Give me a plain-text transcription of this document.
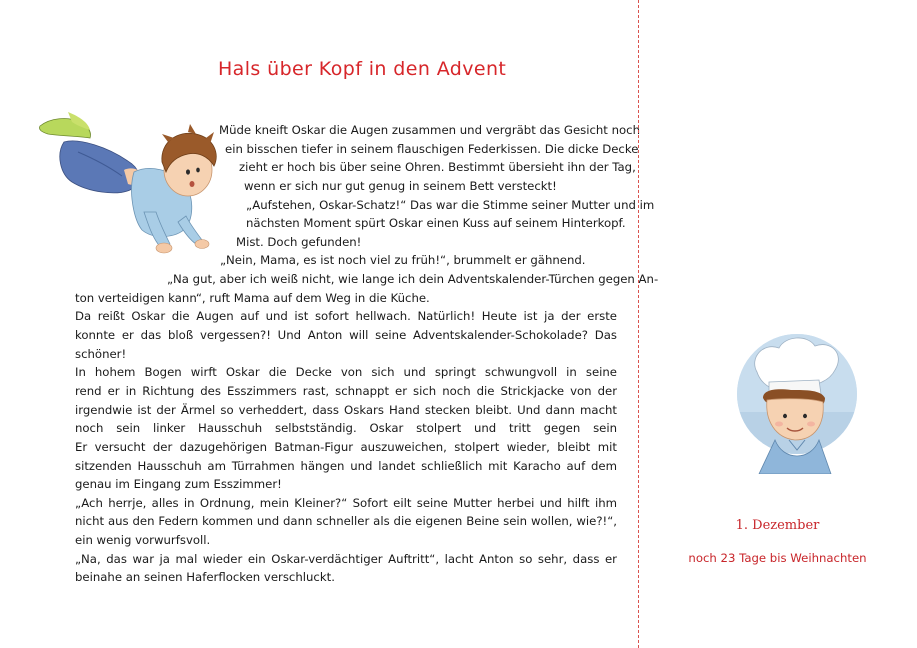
Hals über Kopf in den Advent
Müde kneift Oskar die Augen zusammen und vergräbt das Gesicht noch
ein bisschen tiefer in seinem flauschigen Federkissen. Die dicke Decke
zieht er hoch bis über seine Ohren. Bestimmt übersieht ihn der Tag,
wenn er sich nur gut genug in seinem Bett versteckt!
„Aufstehen, Oskar-Schatz!“ Das war die Stimme seiner Mutter und im
nächsten Moment spürt Oskar einen Kuss auf seinem Hinterkopf.
Mist. Doch gefunden!
„Nein, Mama, es ist noch viel zu früh!“, brummelt er gähnend.
„Na gut, aber ich weiß nicht, wie lange ich dein Adventskalender-Türchen gegen An-
ton verteidigen kann“, ruft Mama auf dem Weg in die Küche.
Da reißt Oskar die Augen auf und ist sofort hellwach. Natürlich! Heute ist ja der erste
konnte er das bloß vergessen?! Und Anton will seine Adventskalender-Schokolade? Das
schöner!
In hohem Bogen wirft Oskar die Decke von sich und springt schwungvoll in seine
rend er in Richtung des Esszimmers rast, schnappt er sich noch die Strickjacke von der
irgendwie ist der Ärmel so verheddert, dass Oskars Hand stecken bleibt. Und dann macht
noch sein linker Hausschuh selbstständig. Oskar stolpert und tritt gegen sein
Er versucht der dazugehörigen Batman-Figur auszuweichen, stolpert wieder, bleibt mit
sitzenden Hausschuh am Türrahmen hängen und landet schließlich mit Karacho auf dem
genau im Eingang zum Esszimmer!
„Ach herrje, alles in Ordnung, mein Kleiner?“ Sofort eilt seine Mutter herbei und hilft ihm
nicht aus den Federn kommen und dann schneller als die eigenen Beine sein wollen, wie?!“,
ein wenig vorwurfsvoll.
„Na, das war ja mal wieder ein Oskar-verdächtiger Auftritt“, lacht Anton so sehr, dass er
beinahe an seinen Haferflocken verschluckt.
1. Dezember
noch 23 Tage bis Weihnachten
